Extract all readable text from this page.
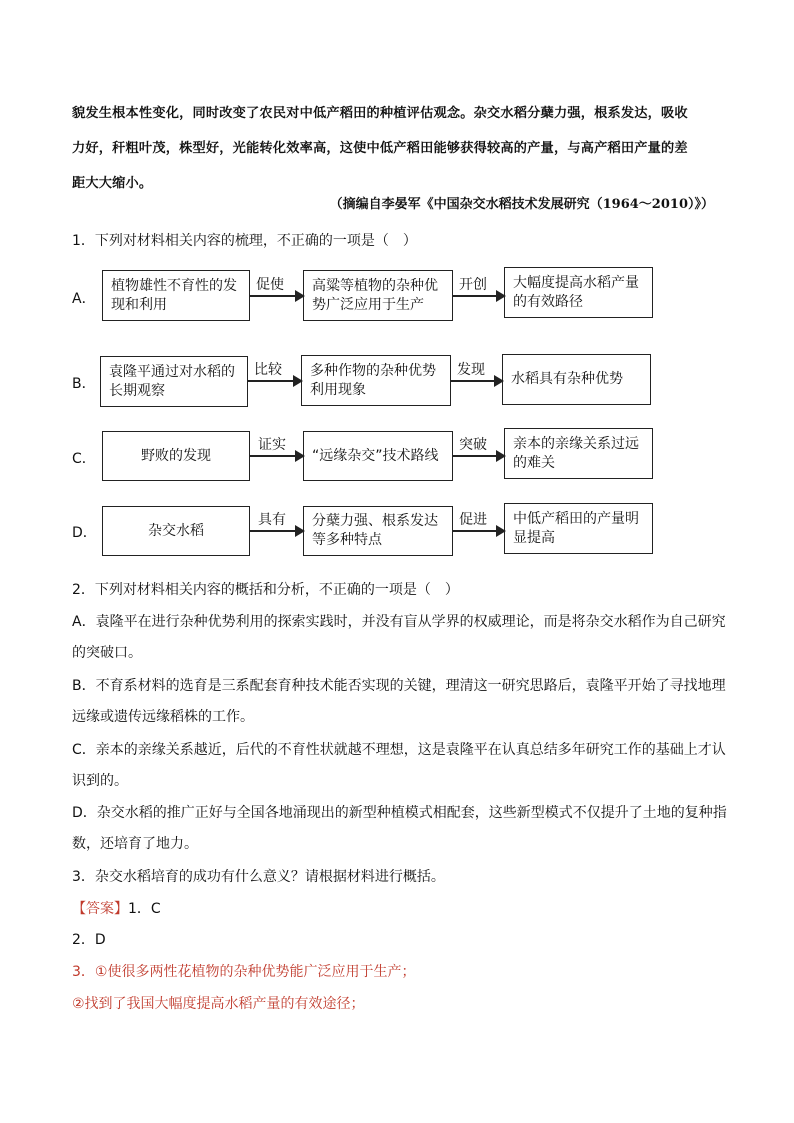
貌发生根本性变化，同时改变了农民对中低产稻田的种植评估观念。杂交水稻分蘖力强，根系发达，吸收

力好，秆粗叶茂，株型好，光能转化效率高，这使中低产稻田能够获得较高的产量，与高产稻田产量的差

距大大缩小。

（摘编自李晏军《中国杂交水稻技术发展研究（1964～2010）》）
1．下列对材料相关内容的梳理，不正确的一项是（　）
A．
植物雄性不育性的发现和利用
促使 高粱等植物的杂种优势广泛应用于生产
开创 大幅度提高水稻产量的有效路径
B．
袁隆平通过对水稻的长期观察
比较 多种作物的杂种优势利用现象
发现
水稻具有杂种优势
C．	野败的发现
证实
“远缘杂交”技术路线
突破 亲本的亲缘关系过远的难关
D．	杂交水稻
具有 分蘖力强、根系发达等多种特点
促进 中低产稻田的产量明显提高
2．下列对材料相关内容的概括和分析，不正确的一项是（　）
A．袁隆平在进行杂种优势利用的探索实践时，并没有盲从学界的权威理论，而是将杂交水稻作为自己研究
的突破口。
B．不育系材料的选育是三系配套育种技术能否实现的关键，理清这一研究思路后，袁隆平开始了寻找地理
远缘或遗传远缘稻株的工作。
C．亲本的亲缘关系越近，后代的不育性状就越不理想，这是袁隆平在认真总结多年研究工作的基础上才认
识到的。
D．杂交水稻的推广正好与全国各地涌现出的新型种植模式相配套，这些新型模式不仅提升了土地的复种指
数，还培育了地力。
3．杂交水稻培育的成功有什么意义？请根据材料进行概括。
【答案】1．C
2．D
3．①使很多两性花植物的杂种优势能广泛应用于生产；
②找到了我国大幅度提高水稻产量的有效途径；
